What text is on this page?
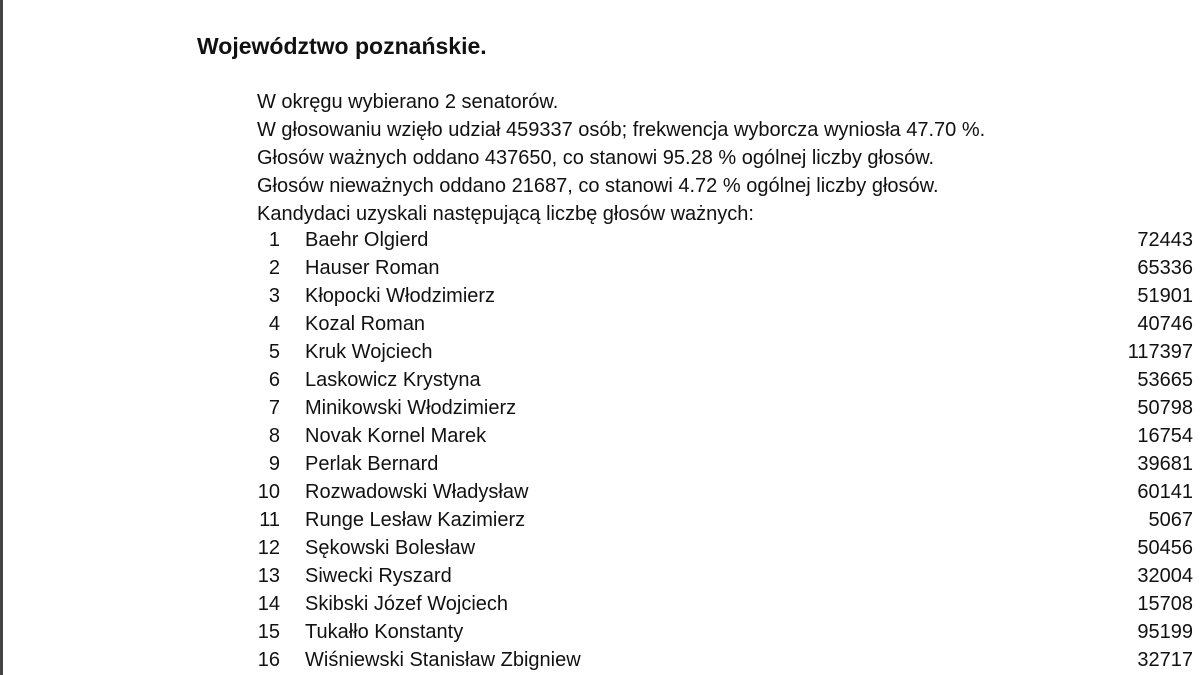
Województwo poznańskie.
W okręgu wybierano 2 senatorów.
W głosowaniu wzięło udział 459337 osób; frekwencja wyborcza wyniosła 47.70 %.
Głosów ważnych oddano 437650, co stanowi 95.28 % ogólnej liczby głosów.
Głosów nieważnych oddano 21687, co stanowi 4.72 % ogólnej liczby głosów.
Kandydaci uzyskali następującą liczbę głosów ważnych:
1 Baehr Olgierd	72443
2 Hauser Roman	65336
3 Kłopocki Włodzimierz	51901
4 Kozal Roman	40746
5 Kruk Wojciech	117397
6 Laskowicz Krystyna	53665
7 Minikowski Włodzimierz	50798
8 Novak Kornel Marek	16754
9 Perlak Bernard	39681
10 Rozwadowski Władysław	60141
11 Runge Lesław Kazimierz	5067
12 Sękowski Bolesław	50456
13 Siwecki Ryszard	32004
14 Skibski Józef Wojciech	15708
15 Tukałło Konstanty	95199
16 Wiśniewski Stanisław Zbigniew	32717
